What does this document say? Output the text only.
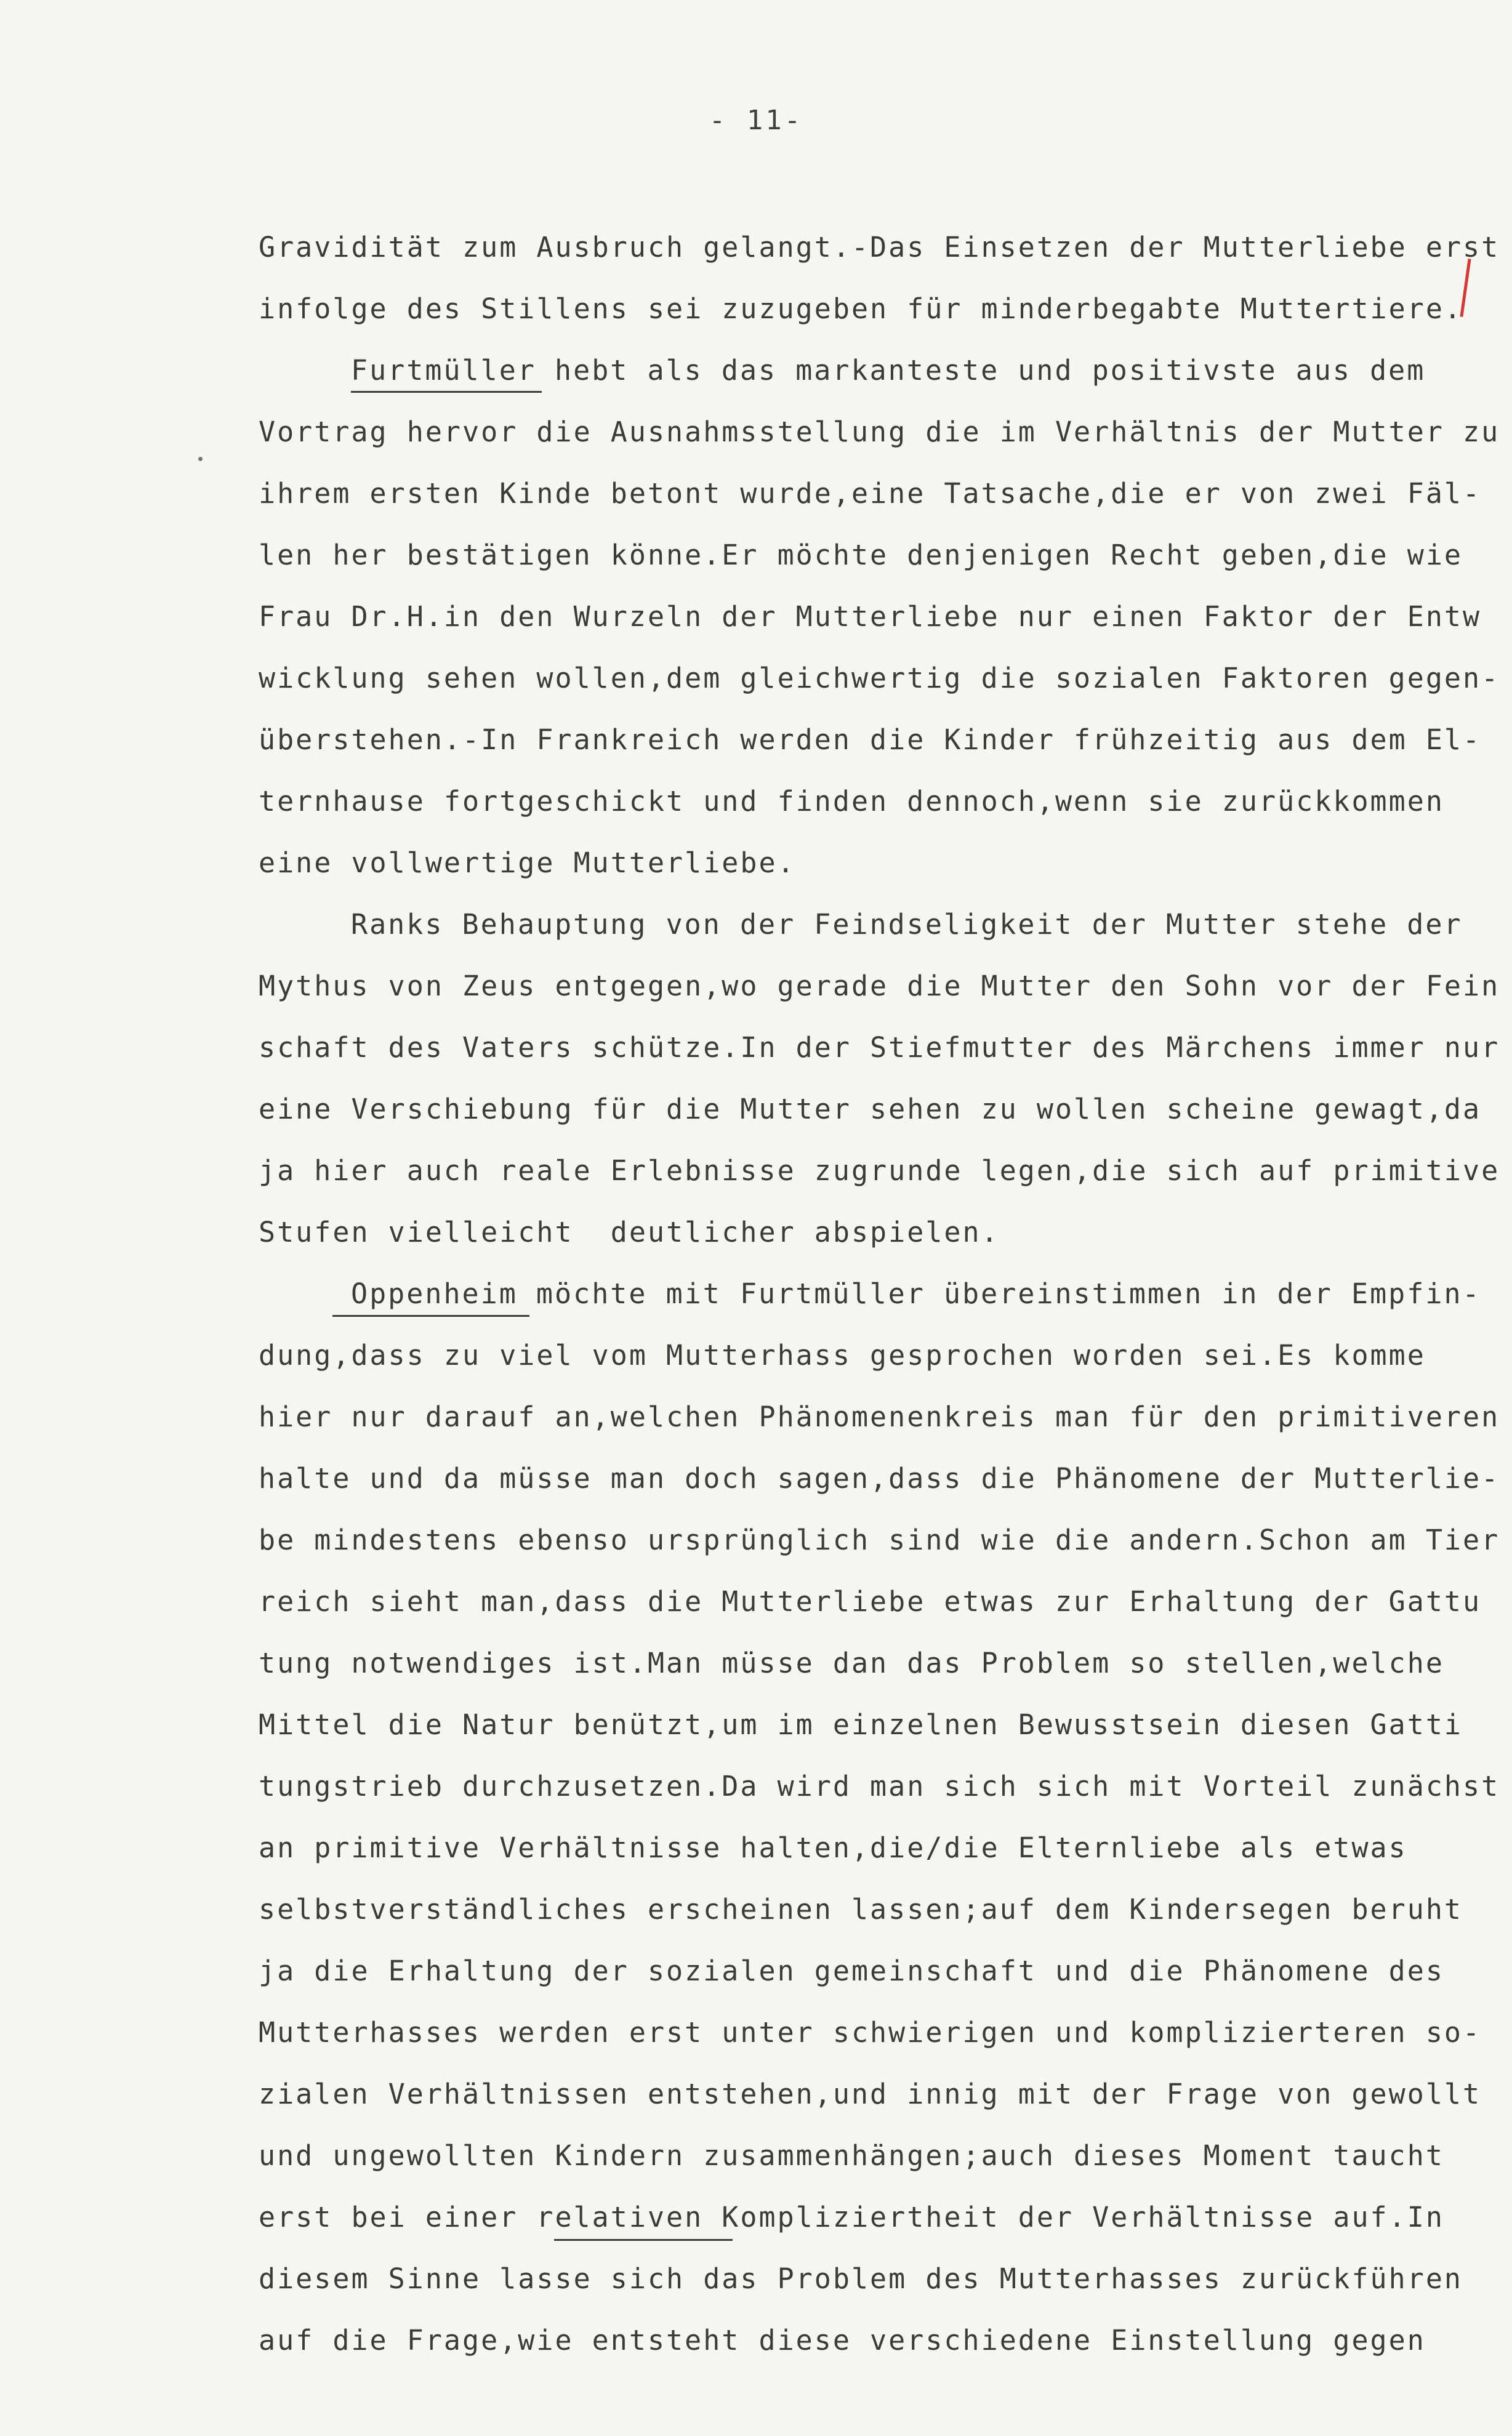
- 11-
Gravidität zum Ausbruch gelangt.-Das Einsetzen der Mutterliebe erst
infolge des Stillens sei zuzugeben für minderbegabte Muttertiere.
Furtmüller hebt als das markanteste und positivste aus dem
Vortrag hervor die Ausnahmsstellung die im Verhältnis der Mutter zu
ihrem ersten Kinde betont wurde,eine Tatsache,die er von zwei Fäl-
len her bestätigen könne.Er möchte denjenigen Recht geben,die wie
Frau Dr.H.in den Wurzeln der Mutterliebe nur einen Faktor der Entw
wicklung sehen wollen,dem gleichwertig die sozialen Faktoren gegen-
überstehen.-In Frankreich werden die Kinder frühzeitig aus dem El-
ternhause fortgeschickt und finden dennoch,wenn sie zurückkommen
eine vollwertige Mutterliebe.
Ranks Behauptung von der Feindseligkeit der Mutter stehe der
Mythus von Zeus entgegen,wo gerade die Mutter den Sohn vor der Fein
schaft des Vaters schütze.In der Stiefmutter des Märchens immer nur
eine Verschiebung für die Mutter sehen zu wollen scheine gewagt,da
ja hier auch reale Erlebnisse zugrunde legen,die sich auf primitive
Stufen vielleicht  deutlicher abspielen.
Oppenheim möchte mit Furtmüller übereinstimmen in der Empfin-
dung,dass zu viel vom Mutterhass gesprochen worden sei.Es komme
hier nur darauf an,welchen Phänomenenkreis man für den primitiveren
halte und da müsse man doch sagen,dass die Phänomene der Mutterlie-
be mindestens ebenso ursprünglich sind wie die andern.Schon am Tier
reich sieht man,dass die Mutterliebe etwas zur Erhaltung der Gattu
tung notwendiges ist.Man müsse dan das Problem so stellen,welche
Mittel die Natur benützt,um im einzelnen Bewusstsein diesen Gatti
tungstrieb durchzusetzen.Da wird man sich sich mit Vorteil zunächst
an primitive Verhältnisse halten,die/die Elternliebe als etwas
selbstverständliches erscheinen lassen;auf dem Kindersegen beruht
ja die Erhaltung der sozialen gemeinschaft und die Phänomene des
Mutterhasses werden erst unter schwierigen und komplizierteren so-
zialen Verhältnissen entstehen,und innig mit der Frage von gewollt
und ungewollten Kindern zusammenhängen;auch dieses Moment taucht
erst bei einer relativen Kompliziertheit der Verhältnisse auf.In
diesem Sinne lasse sich das Problem des Mutterhasses zurückführen
auf die Frage,wie entsteht diese verschiedene Einstellung gegen
